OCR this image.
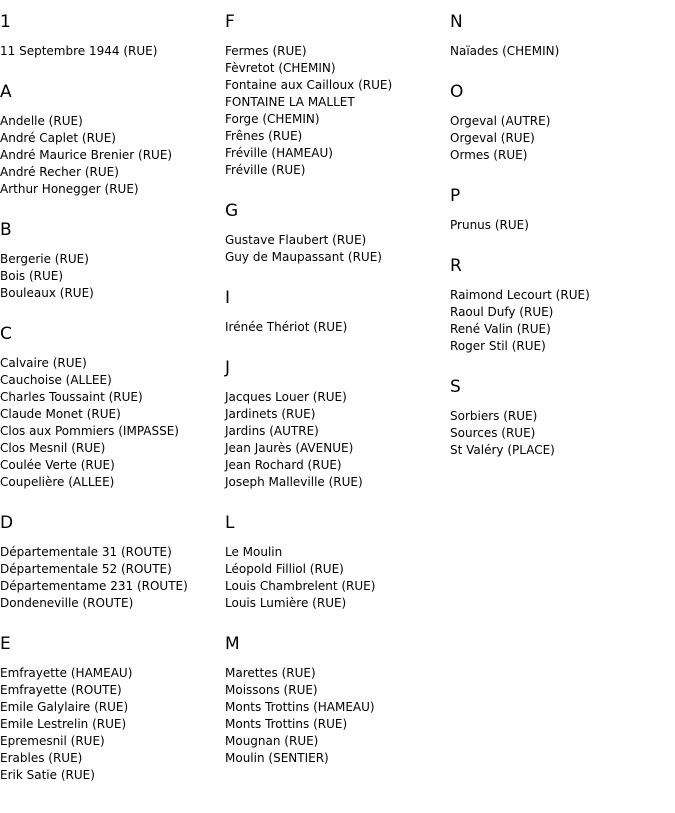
1
11 Septembre 1944 (RUE)
A
Andelle (RUE)
André Caplet (RUE)
André Maurice Brenier (RUE)
André Recher (RUE)
Arthur Honegger (RUE)
B
Bergerie (RUE)
Bois (RUE)
Bouleaux (RUE)
C
Calvaire (RUE)
Cauchoise (ALLEE)
Charles Toussaint (RUE)
Claude Monet (RUE)
Clos aux Pommiers (IMPASSE)
Clos Mesnil (RUE)
Coulée Verte (RUE)
Coupelière (ALLEE)
D
Départementale 31 (ROUTE)
Départementale 52 (ROUTE)
Départementame 231 (ROUTE)
Dondeneville (ROUTE)
E
Emfrayette (HAMEAU)
Emfrayette (ROUTE)
Emile Galylaire (RUE)
Emile Lestrelin (RUE)
Epremesnil (RUE)
Erables (RUE)
Erik Satie (RUE)
F
Fermes (RUE)
Fèvretot (CHEMIN)
Fontaine aux Cailloux (RUE)
FONTAINE LA MALLET
Forge (CHEMIN)
Frênes (RUE)
Fréville (HAMEAU)
Fréville (RUE)
G
Gustave Flaubert (RUE)
Guy de Maupassant (RUE)
I
Irénée Thériot (RUE)
J
Jacques Louer (RUE)
Jardinets (RUE)
Jardins (AUTRE)
Jean Jaurès (AVENUE)
Jean Rochard (RUE)
Joseph Malleville (RUE)
L
Le Moulin
Léopold Filliol (RUE)
Louis Chambrelent (RUE)
Louis Lumière (RUE)
M
Marettes (RUE)
Moissons (RUE)
Monts Trottins (HAMEAU)
Monts Trottins (RUE)
Mougnan (RUE)
Moulin (SENTIER)
N
Naïades (CHEMIN)
O
Orgeval (AUTRE)
Orgeval (RUE)
Ormes (RUE)
P
Prunus (RUE)
R
Raimond Lecourt (RUE)
Raoul Dufy (RUE)
René Valin (RUE)
Roger Stil (RUE)
S
Sorbiers (RUE)
Sources (RUE)
St Valéry (PLACE)
